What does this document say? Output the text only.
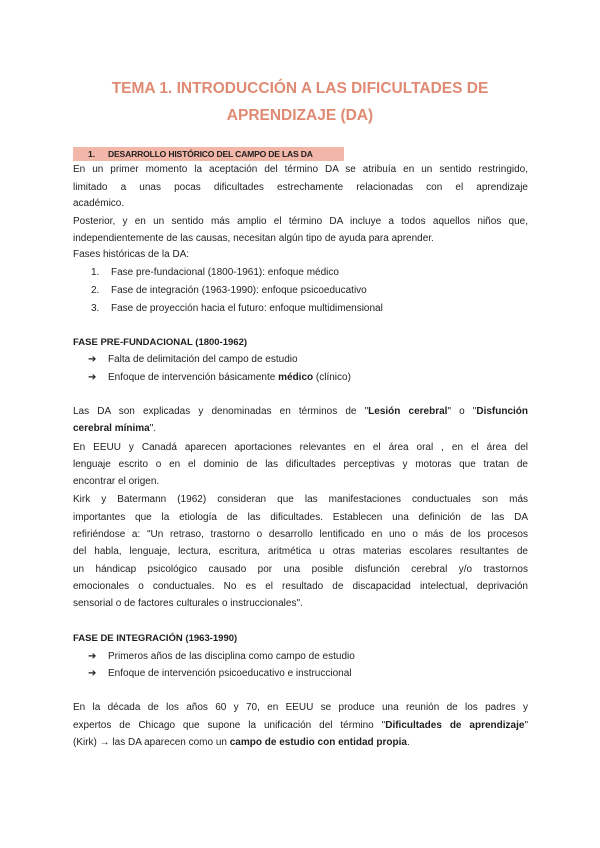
TEMA 1. INTRODUCCIÓN A LAS DIFICULTADES DE
APRENDIZAJE (DA)
1. DESARROLLO HISTÓRICO DEL CAMPO DE LAS DA
En un primer momento la aceptación del término DA se atribuía en un sentido restringido,
limitado a unas pocas dificultades estrechamente relacionadas con el aprendizaje
académico.
Posterior, y en un sentido más amplio el término DA incluye a todos aquellos niños que,
independientemente de las causas, necesitan algún tipo de ayuda para aprender.
Fases históricas de la DA:
1.	Fase pre-fundacional (1800-1961): enfoque médico
2.	Fase de integración (1963-1990): enfoque psicoeducativo
3.	Fase de proyección hacia el futuro: enfoque multidimensional
FASE PRE-FUNDACIONAL (1800-1962)
➔ Falta de delimitación del campo de estudio
➔ Enfoque de intervención básicamente médico (clínico)
Las DA son explicadas y denominadas en términos de "Lesión cerebral" o "Disfunción
cerebral mínima".
En EEUU y Canadá aparecen aportaciones relevantes en el área oral , en el área del
lenguaje escrito o en el dominio de las dificultades perceptivas y motoras que tratan de
encontrar el origen.
Kirk y Batermann (1962) consideran que las manifestaciones conductuales son más
importantes que la etiología de las dificultades. Establecen una definición de las DA
refiriéndose a: "Un retraso, trastorno o desarrollo lentificado en uno o más de los procesos
del habla, lenguaje, lectura, escritura, aritmética u otras materias escolares resultantes de
un hándicap psicológico causado por una posible disfunción cerebral y/o trastornos
emocionales o conductuales. No es el resultado de discapacidad intelectual, deprivación
sensorial o de factores culturales o instruccionales".
FASE DE INTEGRACIÓN (1963-1990)
➔ Primeros años de las disciplina como campo de estudio
➔ Enfoque de intervención psicoeducativo e instruccional
En la década de los años 60 y 70, en EEUU se produce una reunión de los padres y
expertos de Chicago que supone la unificación del término "Dificultades de aprendizaje"
(Kirk) → las DA aparecen como un campo de estudio con entidad propia.
